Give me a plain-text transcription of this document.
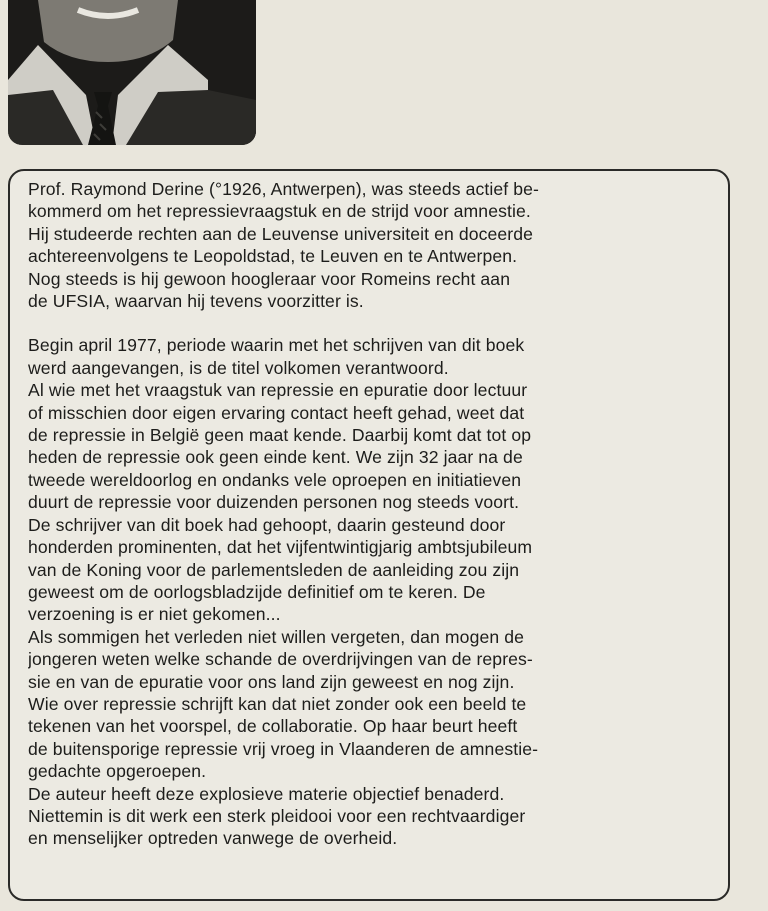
Prof. Raymond Derine (°1926, Antwerpen), was steeds actief be-
kommerd om het repressievraagstuk en de strijd voor amnestie.
Hij studeerde rechten aan de Leuvense universiteit en doceerde
achtereenvolgens te Leopoldstad, te Leuven en te Antwerpen.
Nog steeds is hij gewoon hoogleraar voor Romeins recht aan
de UFSIA, waarvan hij tevens voorzitter is.

Begin april 1977, periode waarin met het schrijven van dit boek
werd aangevangen, is de titel volkomen verantwoord.
Al wie met het vraagstuk van repressie en epuratie door lectuur
of misschien door eigen ervaring contact heeft gehad, weet dat
de repressie in België geen maat kende. Daarbij komt dat tot op
heden de repressie ook geen einde kent. We zijn 32 jaar na de
tweede wereldoorlog en ondanks vele oproepen en initiatieven
duurt de repressie voor duizenden personen nog steeds voort.
De schrijver van dit boek had gehoopt, daarin gesteund door
honderden prominenten, dat het vijfentwintigjarig ambtsjubileum
van de Koning voor de parlementsleden de aanleiding zou zijn
geweest om de oorlogsbladzijde definitief om te keren. De
verzoening is er niet gekomen...
Als sommigen het verleden niet willen vergeten, dan mogen de
jongeren weten welke schande de overdrijvingen van de repres-
sie en van de epuratie voor ons land zijn geweest en nog zijn.
Wie over repressie schrijft kan dat niet zonder ook een beeld te
tekenen van het voorspel, de collaboratie. Op haar beurt heeft
de buitensporige repressie vrij vroeg in Vlaanderen de amnestie-
gedachte opgeroepen.
De auteur heeft deze explosieve materie objectief benaderd.
Niettemin is dit werk een sterk pleidooi voor een rechtvaardiger
en menselijker optreden vanwege de overheid.
